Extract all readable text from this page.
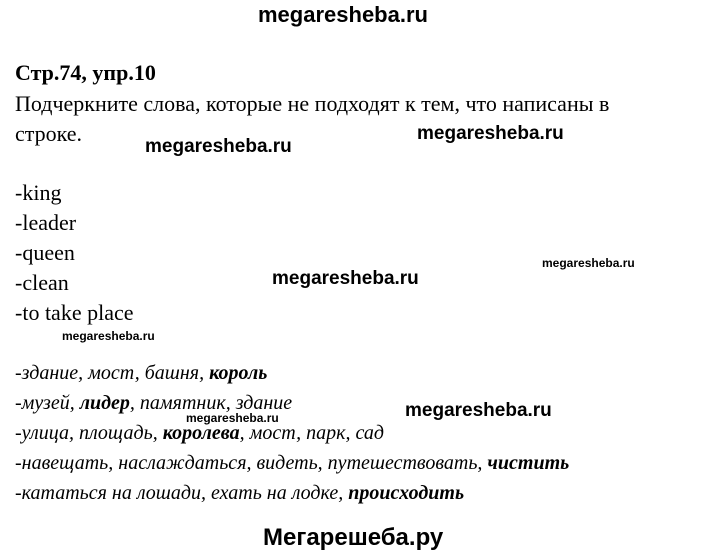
megaresheba.ru
Стр.74, упр.10
Подчеркните слова, которые не подходят к тем, что написаны в
строке.	megaresheba.ru
megaresheba.ru
-king
-leader
-queen
-clean
-to take place
megaresheba.ru
megaresheba.ru
megaresheba.ru
-здание, мост, башня, король
-музей, лидер, памятник, здание
-улица, площадь, королева, мост, парк, сад
-навещать, наслаждаться, видеть, путешествовать, чистить
-кататься на лошади, ехать на лодке, происходить
megaresheba.ru	megaresheba.ru
Мегарешеба.ру
